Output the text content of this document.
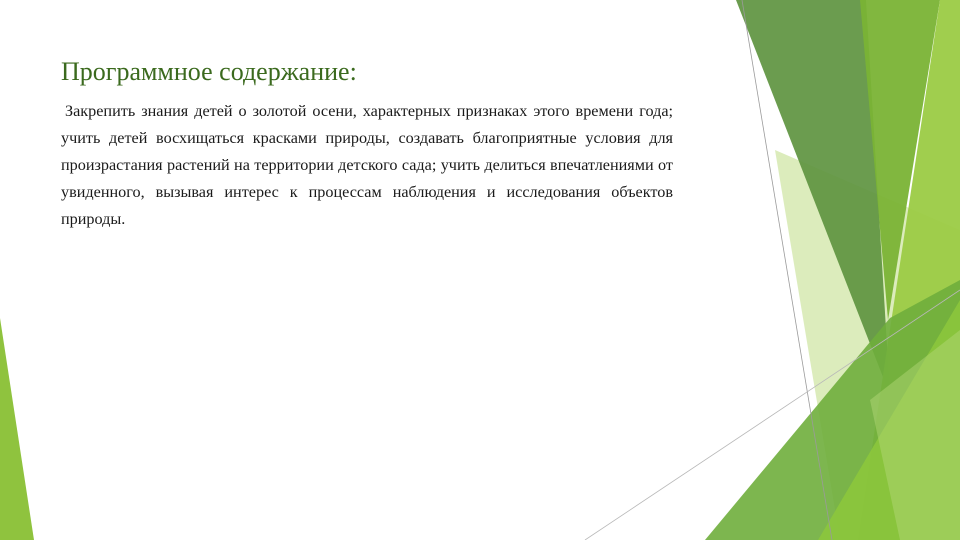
Программное содержание:

Закрепить знания детей о золотой осени, характерных признаках этого времени года; учить детей восхищаться красками природы, создавать благоприятные условия для произрастания растений на территории детского сада; учить делиться впечатлениями от увиденного, вызывая интерес к процессам наблюдения и исследования объектов природы.
